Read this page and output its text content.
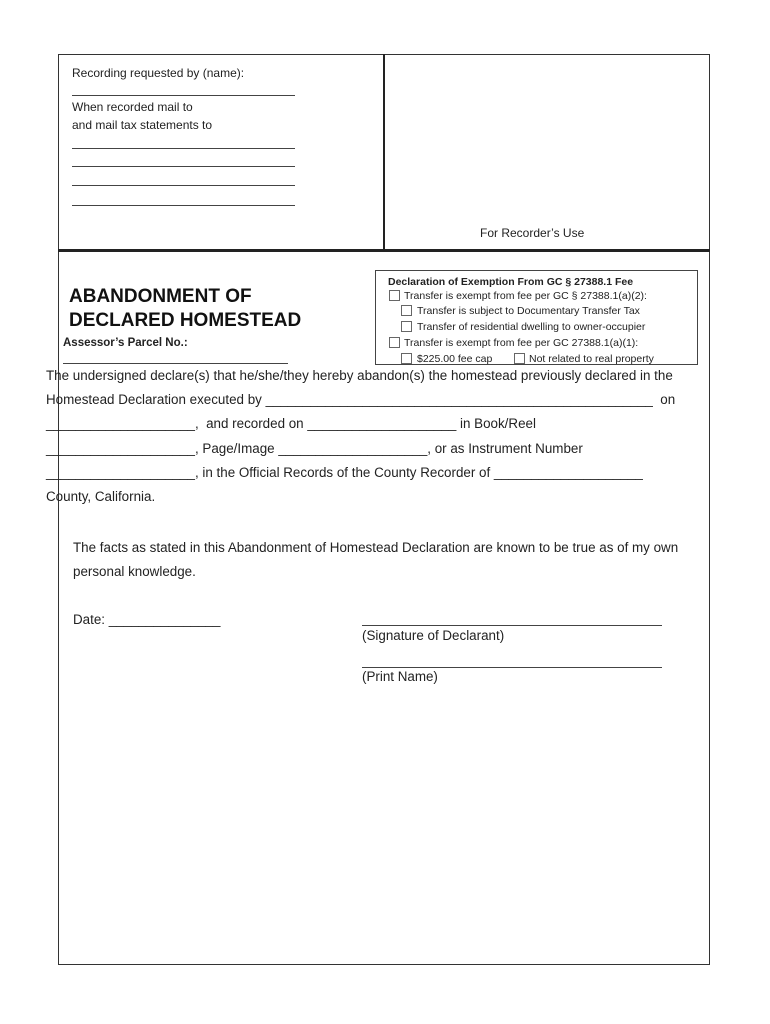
Recording requested by (name):
When recorded mail to
and mail tax statements to
For Recorder’s Use
ABANDONMENT OF
DECLARED HOMESTEAD
Assessor’s Parcel No.:
Declaration of Exemption From GC § 27388.1 Fee
Transfer is exempt from fee per GC § 27388.1(a)(2):
Transfer is subject to Documentary Transfer Tax
Transfer of residential dwelling to owner-occupier
Transfer is exempt from fee per GC 27388.1(a)(1):
$225.00 fee cap	Not related to real property
The undersigned declare(s) that he/she/they hereby abandon(s) the homestead previously declared in the
Homestead Declaration executed by ____________________________________________________  on
____________________,  and recorded on ____________________ in Book/Reel
____________________, Page/Image ____________________, or as Instrument Number
____________________, in the Official Records of the County Recorder of ____________________
County, California.
The facts as stated in this Abandonment of Homestead Declaration are known to be true as of my own
personal knowledge.
Date: _______________
(Signature of Declarant)
(Print Name)
